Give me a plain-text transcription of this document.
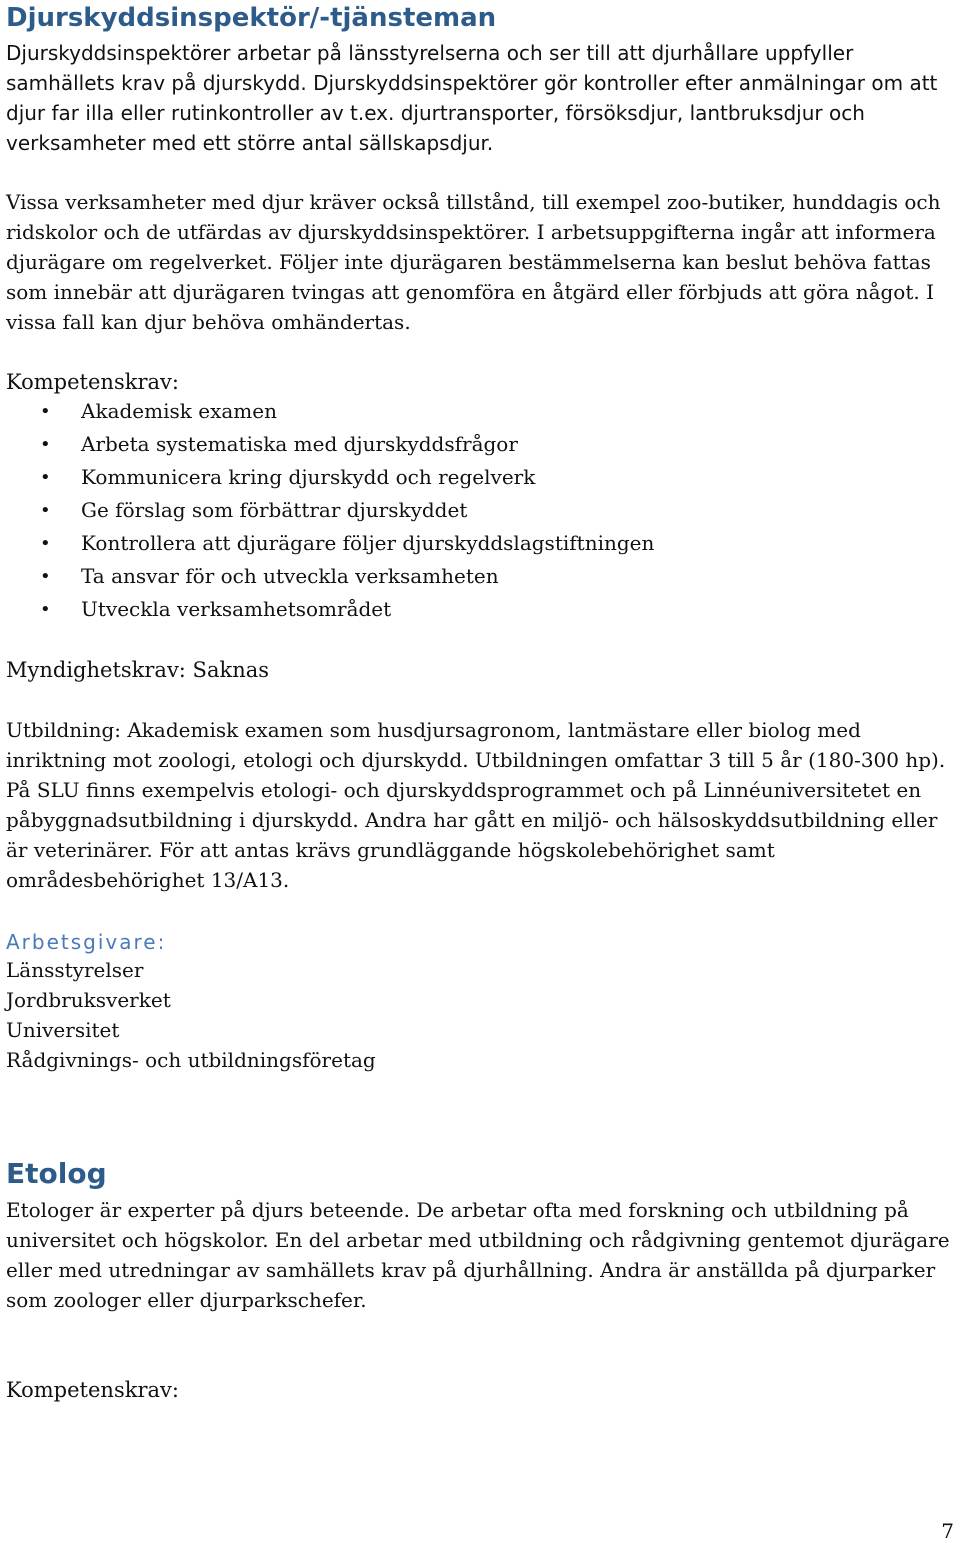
Djurskyddsinspektör/-tjänsteman

Djurskyddsinspektörer arbetar på länsstyrelserna och ser till att djurhållare uppfyller samhällets krav på djurskydd. Djurskyddsinspektörer gör kontroller efter anmälningar om att djur far illa eller rutinkontroller av t.ex. djurtransporter, försöksdjur, lantbruksdjur och verksamheter med ett större antal sällskapsdjur.

Vissa verksamheter med djur kräver också tillstånd, till exempel zoo-butiker, hunddagis och ridskolor och de utfärdas av djurskyddsinspektörer. I arbetsuppgifterna ingår att informera djurägare om regelverket. Följer inte djurägaren bestämmelserna kan beslut behöva fattas som innebär att djurägaren tvingas att genomföra en åtgärd eller förbjuds att göra något. I vissa fall kan djur behöva omhändertas.

Kompetenskrav:

• Akademisk examen
• Arbeta systematiska med djurskyddsfrågor
• Kommunicera kring djurskydd och regelverk
• Ge förslag som förbättrar djurskyddet
• Kontrollera att djurägare följer djurskyddslagstiftningen
• Ta ansvar för och utveckla verksamheten
• Utveckla verksamhetsområdet

Myndighetskrav: Saknas

Utbildning: Akademisk examen som husdjursagronom, lantmästare eller biolog med inriktning mot zoologi, etologi och djurskydd. Utbildningen omfattar 3 till 5 år (180-300 hp). På SLU finns exempelvis etologi- och djurskyddsprogrammet och på Linnéuniversitetet en påbyggnadsutbildning i djurskydd. Andra har gått en miljö- och hälsoskyddsutbildning eller är veterinärer. För att antas krävs grundläggande högskolebehörighet samt områdesbehörighet 13/A13.

Arbetsgivare:

Länsstyrelser
Jordbruksverket
Universitet
Rådgivnings- och utbildningsföretag
Etolog

Etologer är experter på djurs beteende. De arbetar ofta med forskning och utbildning på universitet och högskolor. En del arbetar med utbildning och rådgivning gentemot djurägare eller med utredningar av samhällets krav på djurhållning. Andra är anställda på djurparker som zoologer eller djurparkschefer.

Kompetenskrav:

7
